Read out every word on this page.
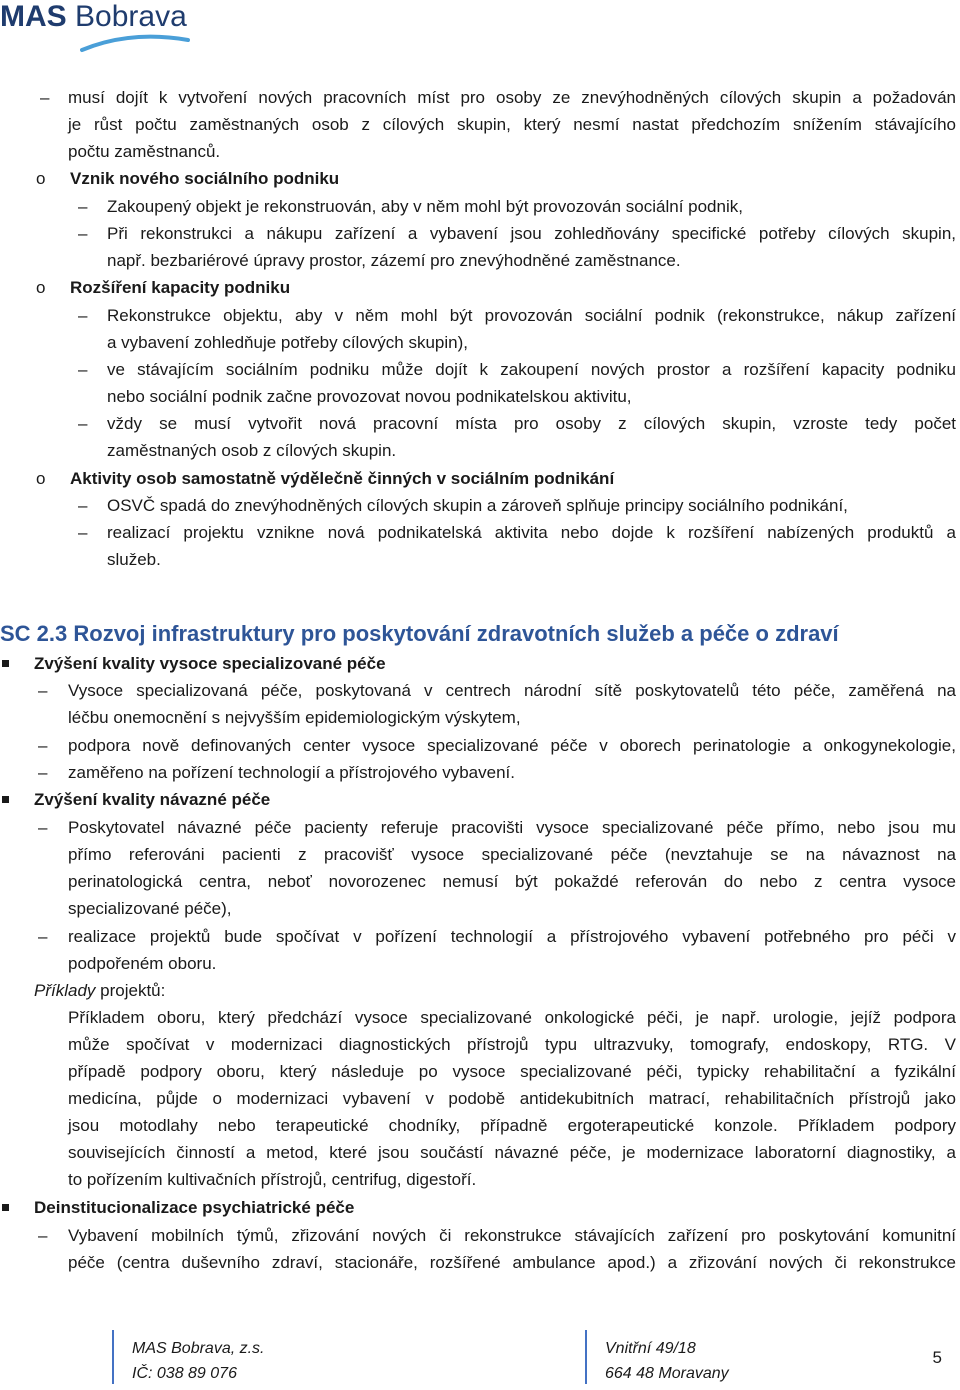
MAS Bobrava
– musí dojít k vytvoření nových pracovních míst pro osoby ze znevýhodněných cílových skupin a požadován
je růst počtu zaměstnaných osob z cílových skupin, který nesmí nastat předchozím snížením stávajícího
počtu zaměstnanců.
o Vznik nového sociálního podniku
– Zakoupený objekt je rekonstruován, aby v něm mohl být provozován sociální podnik,
– Při rekonstrukci a nákupu zařízení a vybavení jsou zohledňovány specifické potřeby cílových skupin,
např. bezbariérové úpravy prostor, zázemí pro znevýhodněné zaměstnance.
o Rozšíření kapacity podniku
– Rekonstrukce objektu, aby v něm mohl být provozován sociální podnik (rekonstrukce, nákup zařízení
a vybavení zohledňuje potřeby cílových skupin),
– ve stávajícím sociálním podniku může dojít k zakoupení nových prostor a rozšíření kapacity podniku
nebo sociální podnik začne provozovat novou podnikatelskou aktivitu,
– vždy se musí vytvořit nová pracovní místa pro osoby z cílových skupin, vzroste tedy počet
zaměstnaných osob z cílových skupin.
o Aktivity osob samostatně výdělečně činných v sociálním podnikání
– OSVČ spadá do znevýhodněných cílových skupin a zároveň splňuje principy sociálního podnikání,
– realizací projektu vznikne nová podnikatelská aktivita nebo dojde k rozšíření nabízených produktů a
služeb.
SC 2.3 Rozvoj infrastruktury pro poskytování zdravotních služeb a péče o zdraví
Zvýšení kvality vysoce specializované péče
– Vysoce specializovaná péče, poskytovaná v centrech národní sítě poskytovatelů této péče, zaměřená na
léčbu onemocnění s nejvyšším epidemiologickým výskytem,
– podpora nově definovaných center vysoce specializované péče v oborech perinatologie a onkogynekologie,
– zaměřeno na pořízení technologií a přístrojového vybavení.
Zvýšení kvality návazné péče
– Poskytovatel návazné péče pacienty referuje pracovišti vysoce specializované péče přímo, nebo jsou mu
přímo referováni pacienti z pracovišť vysoce specializované péče (nevztahuje se na návaznost na
perinatologická centra, neboť novorozenec nemusí být pokaždé referován do nebo z centra vysoce
specializované péče),
– realizace projektů bude spočívat v pořízení technologií a přístrojového vybavení potřebného pro péči v
podpořeném oboru.
Příklady projektů:
Příkladem oboru, který předchází vysoce specializované onkologické péči, je např. urologie, jejíž podpora
může spočívat v modernizaci diagnostických přístrojů typu ultrazvuky, tomografy, endoskopy, RTG. V
případě podpory oboru, který následuje po vysoce specializované péči, typicky rehabilitační a fyzikální
medicína, půjde o modernizaci vybavení v podobě antidekubitních matrací, rehabilitačních přístrojů jako
jsou motodlahy nebo terapeutické chodníky, případně ergoterapeutické konzole. Příkladem podpory
souvisejících činností a metod, které jsou součástí návazné péče, je modernizace laboratorní diagnostiky, a
to pořízením kultivačních přístrojů, centrifug, digestoří.
Deinstitucionalizace psychiatrické péče
– Vybavení mobilních týmů, zřizování nových či rekonstrukce stávajících zařízení pro poskytování komunitní
péče (centra duševního zdraví, stacionáře, rozšířené ambulance apod.) a zřizování nových či rekonstrukce
MAS Bobrava, z.s.
IČ: 038 89 076
Vnitřní 49/18
664 48 Moravany
5
